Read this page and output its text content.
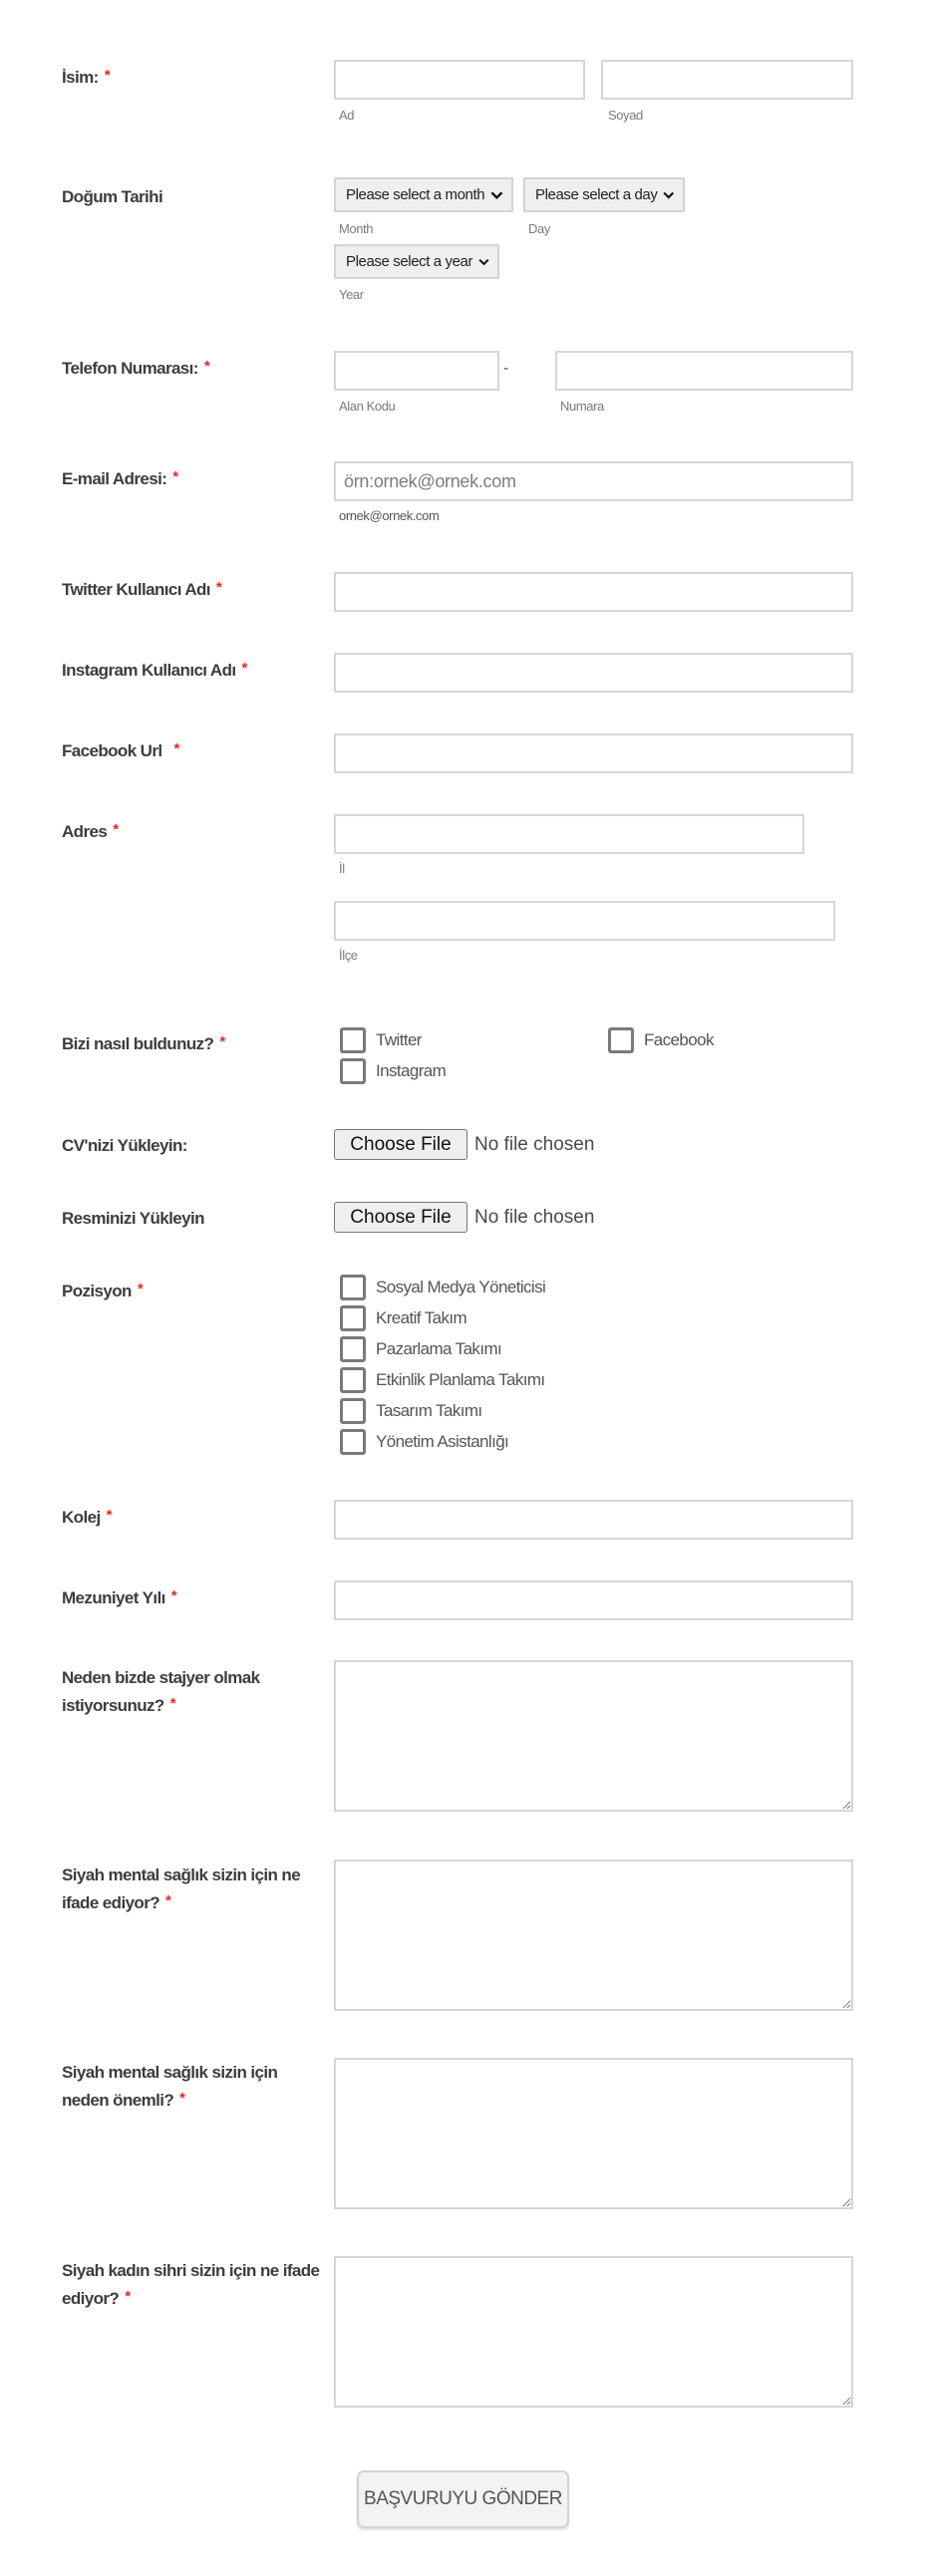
İsim: *
Ad	Soyad
Doğum Tarihi	Please select a month	Please select a day
Month	Day
Please select a year
Year
Telefon Numarası: *	-
Alan Kodu	Numara
E-mail Adresi: *
örn:ornek@ornek.com
ornek@ornek.com
Twitter Kullanıcı Adı *
Instagram Kullanıcı Adı *
Facebook Url *
Adres *
İl
İlçe
Bizi nasıl buldunuz? *	Twitter	Facebook
Instagram
CV'nizi Yükleyin:	Choose File	No file chosen
Resminizi Yükleyin	Choose File	No file chosen
Pozisyon *	Sosyal Medya Yöneticisi
Kreatif Takım
Pazarlama Takımı
Etkinlik Planlama Takımı
Tasarım Takımı
Yönetim Asistanlığı
Kolej *
Mezuniyet Yılı *
Neden bizde stajyer olmak istiyorsunuz? *
Siyah mental sağlık sizin için ne ifade ediyor? *
Siyah mental sağlık sizin için neden önemli? *
Siyah kadın sihri sizin için ne ifade ediyor? *
BAŞVURUYU GÖNDER
